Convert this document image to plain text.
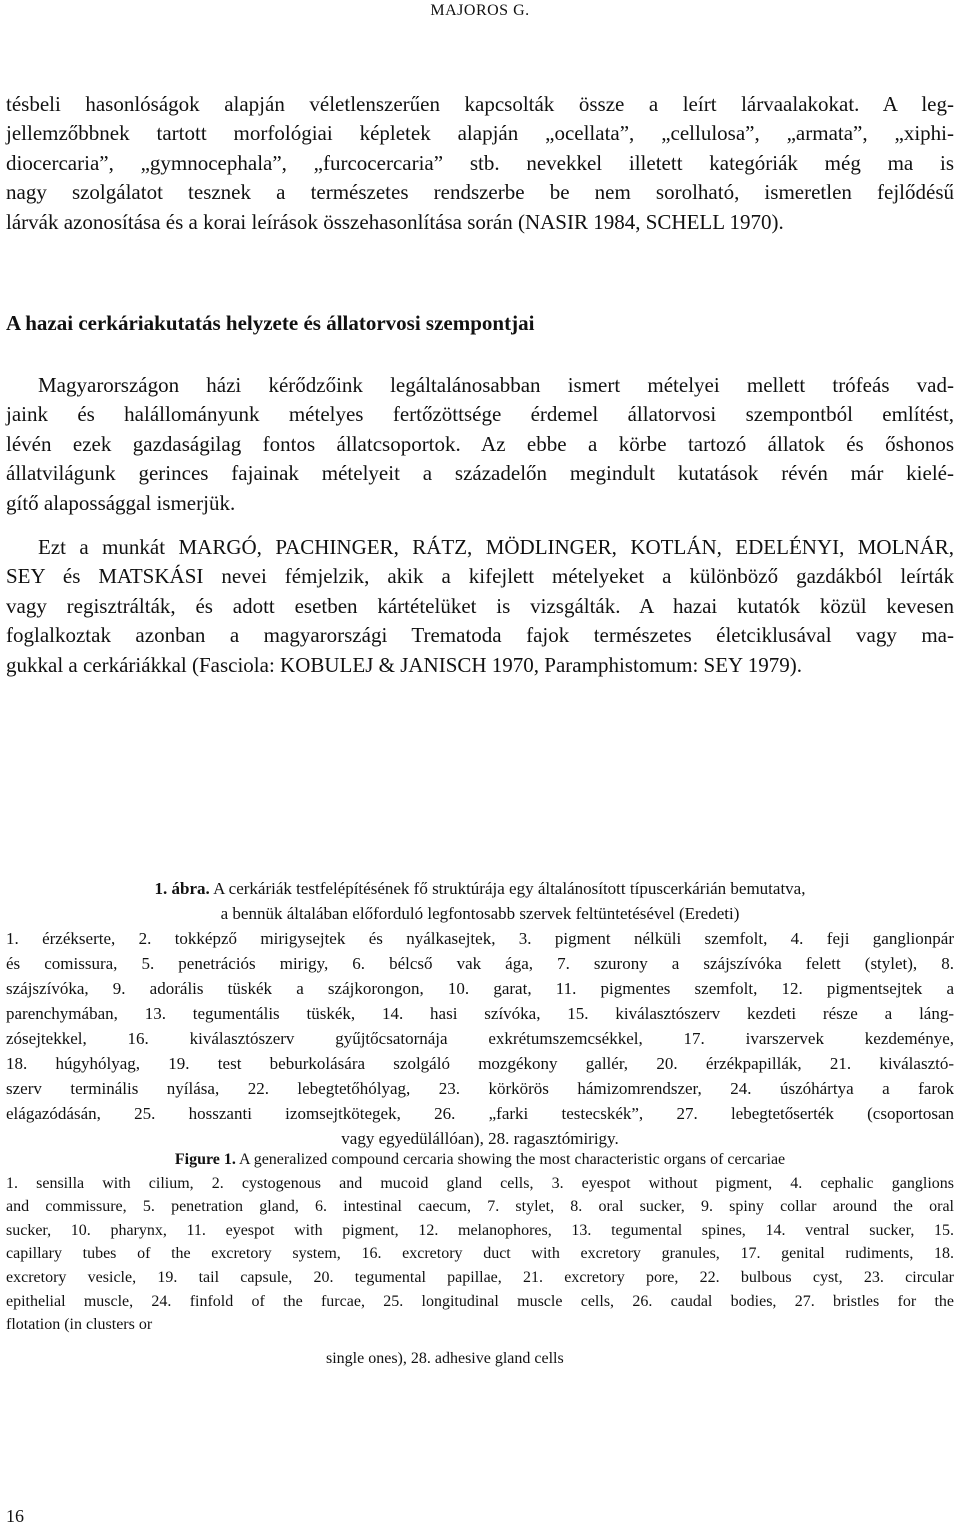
MAJOROS G.

tésbeli hasonlóságok alapján véletlenszerűen kapcsolták össze a leírt lárvaalakokat. A leg-

jellemzőbbnek tartott morfológiai képletek alapján „ocellata”, „cellulosa”, „armata”, „xiphi-

diocercaria”, „gymnocephala”, „furcocercaria” stb. nevekkel illetett kategóriák még ma is

nagy szolgálatot tesznek a természetes rendszerbe be nem sorolható, ismeretlen fejlődésű

lárvák azonosítása és a korai leírások összehasonlítása során (NASIR 1984, SCHELL 1970).

A hazai cerkáriakutatás helyzete és állatorvosi szempontjai

Magyarországon házi kérődzőink legáltalánosabban ismert mételyei mellett trófeás vad-

jaink és halállományunk mételyes fertőzöttsége érdemel állatorvosi szempontból említést,

lévén ezek gazdaságilag fontos állatcsoportok. Az ebbe a körbe tartozó állatok és őshonos

állatvilágunk gerinces fajainak mételyeit a századelőn megindult kutatások révén már kielé-

gítő alapossággal ismerjük.

Ezt a munkát MARGÓ, PACHINGER, RÁTZ, MÖDLINGER, KOTLÁN, EDELÉNYI, MOLNÁR,

SEY és MATSKÁSI nevei fémjelzik, akik a kifejlett mételyeket a különböző gazdákból leírták

vagy regisztrálták, és adott esetben kártételüket is vizsgálták. A hazai kutatók közül kevesen

foglalkoztak azonban a magyarországi Trematoda fajok természetes életciklusával vagy ma-

gukkal a cerkáriákkal (Fasciola: KOBULEJ & JANISCH 1970, Paramphistomum: SEY 1979).

1. ábra. A cerkáriák testfelépítésének fő struktúrája egy általánosított típuscerkárián bemutatva,

a bennük általában előforduló legfontosabb szervek feltüntetésével (Eredeti)

1. érzékserte, 2. tokképző mirigysejtek és nyálkasejtek, 3. pigment nélküli szemfolt, 4. feji ganglionpár

és comissura, 5. penetrációs mirigy, 6. bélcső vak ága, 7. szurony a szájszívóka felett (stylet), 8.

szájszívóka, 9. adorális tüskék a szájkorongon, 10. garat, 11. pigmentes szemfolt, 12. pigmentsejtek a

parenchymában, 13. tegumentális tüskék, 14. hasi szívóka, 15. kiválasztószerv kezdeti része a láng-

zósejtekkel, 16. kiválasztószerv gyűjtőcsatornája exkrétumszemcsékkel, 17. ivarszervek kezdeménye,

18. húgyhólyag, 19. test beburkolására szolgáló mozgékony gallér, 20. érzékpapillák, 21. kiválasztó-

szerv terminális nyílása, 22. lebegtetőhólyag, 23. körkörös hámizomrendszer, 24. úszóhártya a farok

elágazódásán, 25. hosszanti izomsejtkötegek, 26. „farki testecskék”, 27. lebegtetőserték (csoportosan

vagy egyedülállóan), 28. ragasztómirigy.

Figure 1. A generalized compound cercaria showing the most characteristic organs of cercariae

1. sensilla with cilium, 2. cystogenous and mucoid gland cells, 3. eyespot without pigment, 4. cephalic ganglions

and commissure, 5. penetration gland, 6. intestinal caecum, 7. stylet, 8. oral sucker, 9. spiny collar around the oral

sucker, 10. pharynx, 11. eyespot with pigment, 12. melanophores, 13. tegumental spines, 14. ventral sucker, 15.

capillary tubes of the excretory system, 16. excretory duct with excretory granules, 17. genital rudiments, 18.

excretory vesicle, 19. tail capsule, 20. tegumental papillae, 21. excretory pore, 22. bulbous cyst, 23. circular

epithelial muscle, 24. finfold of the furcae, 25. longitudinal muscle cells, 26. caudal bodies, 27. bristles for the

flotation (in clusters or

single ones), 28. adhesive gland cells

16
